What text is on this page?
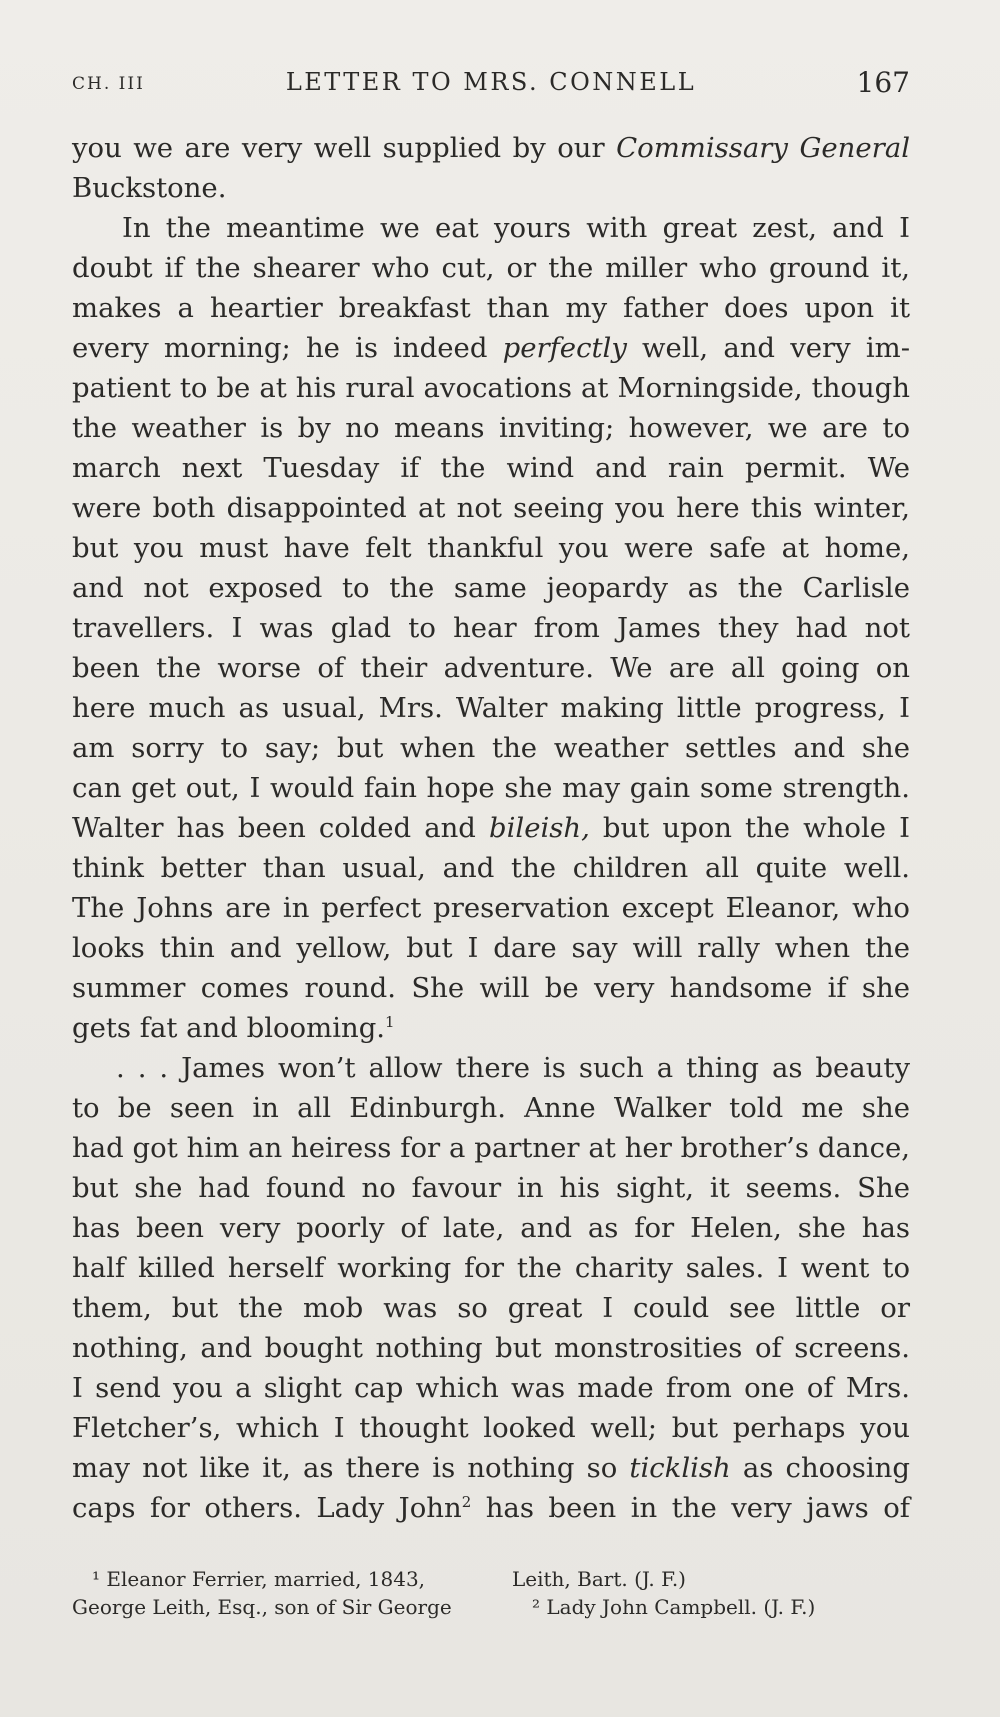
CH. III	LETTER TO MRS. CONNELL	167
you we are very well supplied by our Commissary General
Buckstone.
In the meantime we eat yours with great zest, and I
doubt if the shearer who cut, or the miller who ground it,
makes a heartier breakfast than my father does upon it
every morning; he is indeed perfectly well, and very im-
patient to be at his rural avocations at Morningside, though
the weather is by no means inviting; however, we are to
march next Tuesday if the wind and rain permit. We
were both disappointed at not seeing you here this winter,
but you must have felt thankful you were safe at home,
and not exposed to the same jeopardy as the Carlisle
travellers. I was glad to hear from James they had not
been the worse of their adventure. We are all going on
here much as usual, Mrs. Walter making little progress, I
am sorry to say; but when the weather settles and she
can get out, I would fain hope she may gain some strength.
Walter has been colded and bileish, but upon the whole I
think better than usual, and the children all quite well.
The Johns are in perfect preservation except Eleanor, who
looks thin and yellow, but I dare say will rally when the
summer comes round. She will be very handsome if she
gets fat and blooming.$^1$
. . . James won’t allow there is such a thing as beauty
to be seen in all Edinburgh. Anne Walker told me she
had got him an heiress for a partner at her brother’s dance,
but she had found no favour in his sight, it seems. She
has been very poorly of late, and as for Helen, she has
half killed herself working for the charity sales. I went to
them, but the mob was so great I could see little or
nothing, and bought nothing but monstrosities of screens.
I send you a slight cap which was made from one of Mrs.
Fletcher’s, which I thought looked well; but perhaps you
may not like it, as there is nothing so ticklish as choosing
caps for others. Lady John$^2$ has been in the very jaws of
¹ Eleanor Ferrier, married, 1843,
George Leith, Esq., son of Sir George
Leith, Bart. (J. F.)
² Lady John Campbell. (J. F.)
